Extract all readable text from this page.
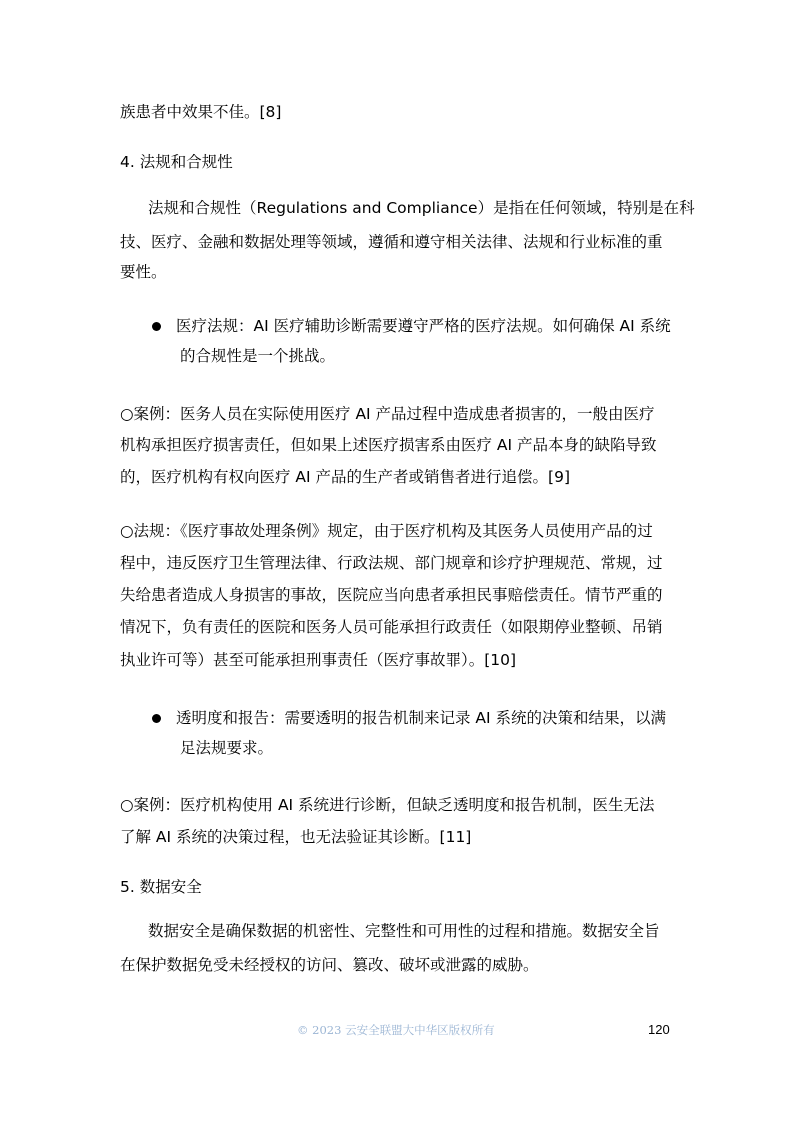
族患者中效果不佳。[8]
4. 法规和合规性
法规和合规性（Regulations and Compliance）是指在任何领域，特别是在科
技、医疗、金融和数据处理等领域，遵循和遵守相关法律、法规和行业标准的重
要性。
医疗法规：AI 医疗辅助诊断需要遵守严格的医疗法规。如何确保 AI 系统
的合规性是一个挑战。
○案例：医务人员在实际使用医疗 AI 产品过程中造成患者损害的，一般由医疗
机构承担医疗损害责任，但如果上述医疗损害系由医疗 AI 产品本身的缺陷导致
的，医疗机构有权向医疗 AI 产品的生产者或销售者进行追偿。[9]
○法规：《医疗事故处理条例》规定，由于医疗机构及其医务人员使用产品的过
程中，违反医疗卫生管理法律、行政法规、部门规章和诊疗护理规范、常规，过
失给患者造成人身损害的事故，医院应当向患者承担民事赔偿责任。情节严重的
情况下，负有责任的医院和医务人员可能承担行政责任（如限期停业整顿、吊销
执业许可等）甚至可能承担刑事责任（医疗事故罪）。[10]
透明度和报告：需要透明的报告机制来记录 AI 系统的决策和结果，以满
足法规要求。
○案例：医疗机构使用 AI 系统进行诊断，但缺乏透明度和报告机制，医生无法
了解 AI 系统的决策过程，也无法验证其诊断。[11]
5. 数据安全
数据安全是确保数据的机密性、完整性和可用性的过程和措施。数据安全旨
在保护数据免受未经授权的访问、篡改、破坏或泄露的威胁。
© 2023 云安全联盟大中华区版权所有	120
